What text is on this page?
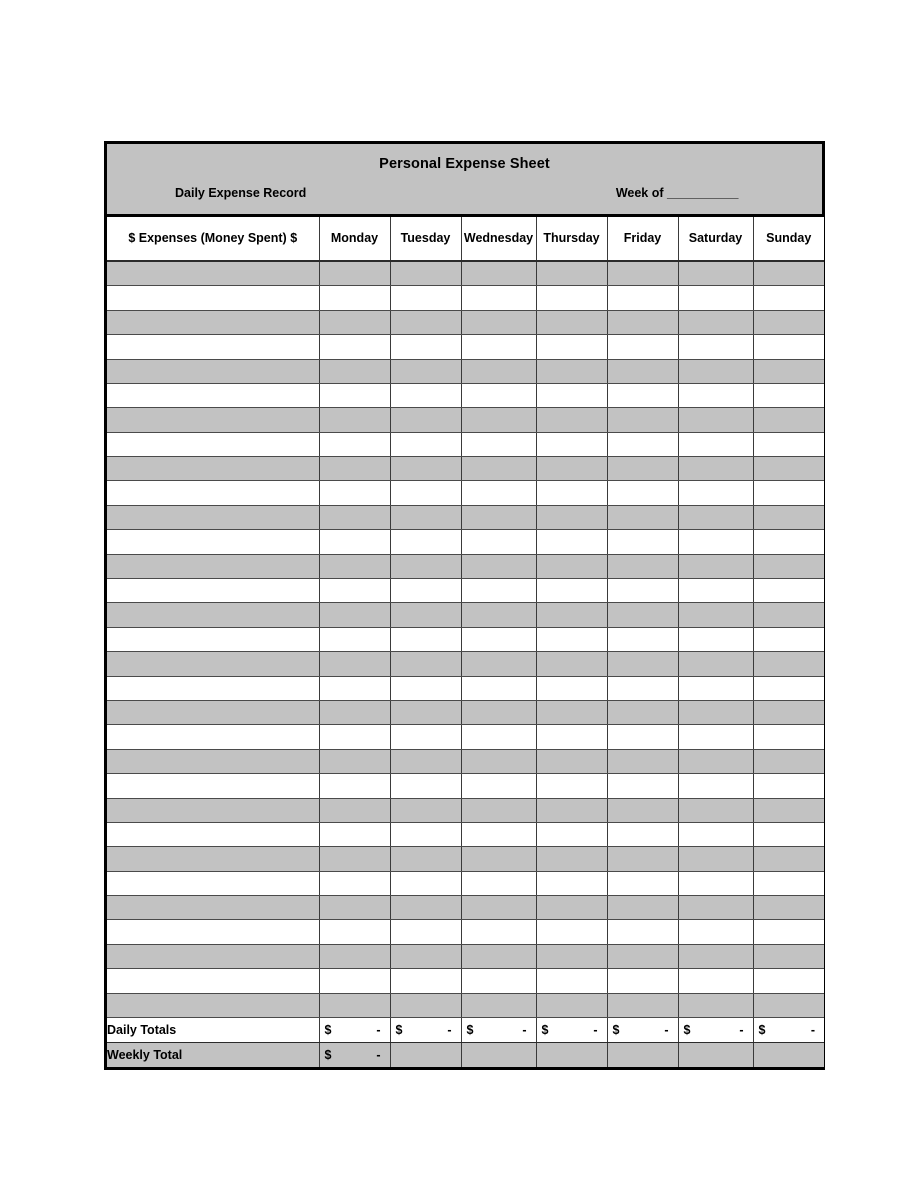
Personal Expense Sheet
Daily Expense Record	Week of ___________
$ Expenses (Money Spent) $	Monday	Tuesday	Wednesday	Thursday	Friday	Saturday	Sunday

Daily Totals	$ -	$ -	$ -	$ -	$ -	$ -	$ -

Weekly Total	$ -						
